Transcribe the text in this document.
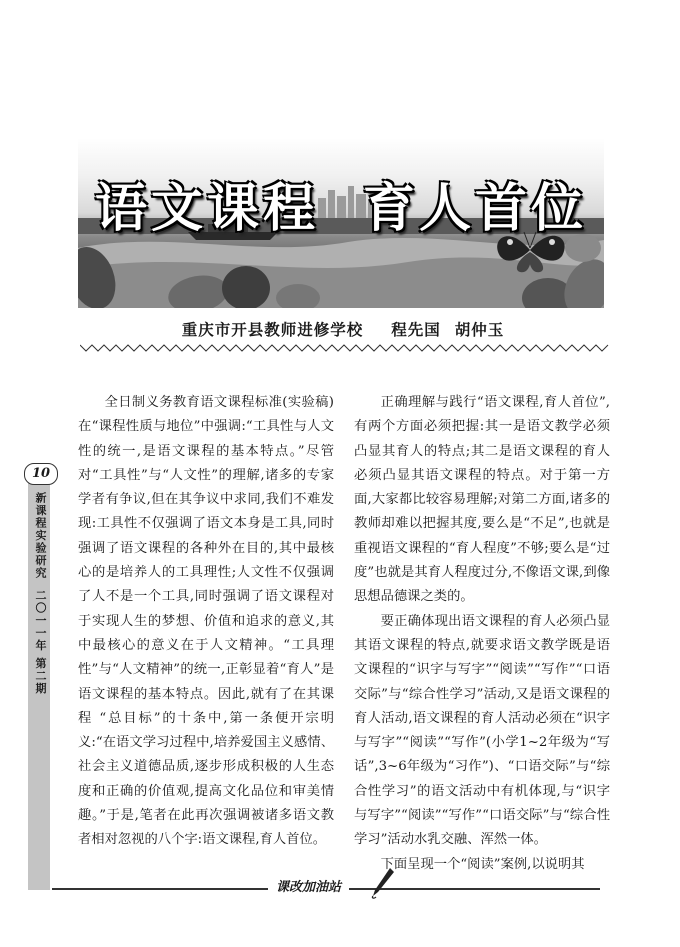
语文课程 育人首位
重庆市开县教师进修学校 程先国 胡仲玉
10
新课程实验研究二〇一一年 第二期

全日制义务教育语文课程标准(实验稿)在“课程性质与地位”中强调:“工具性与人文性的统一,是语文课程的基本特点。”尽管对“工具性”与“人文性”的理解,诸多的专家学者有争议,但在其争议中求同,我们不难发现:工具性不仅强调了语文本身是工具,同时强调了语文课程的各种外在目的,其中最核心的是培养人的工具理性;人文性不仅强调了人不是一个工具,同时强调了语文课程对于实现人生的梦想、价值和追求的意义,其中最核心的意义在于人文精神。“工具理性”与“人文精神”的统一,正彰显着“育人”是语文课程的基本特点。因此,就有了在其课程 “总目标”的十条中,第一条便开宗明义:“在语文学习过程中,培养爱国主义感情、社会主义道德品质,逐步形成积极的人生态度和正确的价值观,提高文化品位和审美情趣。”于是,笔者在此再次强调被诸多语文教者相对忽视的八个字:语文课程,育人首位。

正确理解与践行“语文课程,育人首位”,有两个方面必须把握:其一是语文教学必须凸显其育人的特点;其二是语文课程的育人必须凸显其语文课程的特点。对于第一方面,大家都比较容易理解;对第二方面,诸多的教师却难以把握其度,要么是“不足”,也就是重视语文课程的“育人程度”不够;要么是“过度”也就是其育人程度过分,不像语文课,到像思想品德课之类的。

要正确体现出语文课程的育人必须凸显其语文课程的特点,就要求语文教学既是语文课程的“识字与写字”“阅读”“写作”“口语交际”与“综合性学习”活动,又是语文课程的育人活动,语文课程的育人活动必须在“识字与写字”“阅读”“写作”(小学1~2年级为“写话”,3~6年级为“习作”)、“口语交际”与“综合性学习”的语文活动中有机体现,与“识字与写字”“阅读”“写作”“口语交际”与“综合性学习”活动水乳交融、浑然一体。

下面呈现一个“阅读”案例,以说明其

课改加油站
